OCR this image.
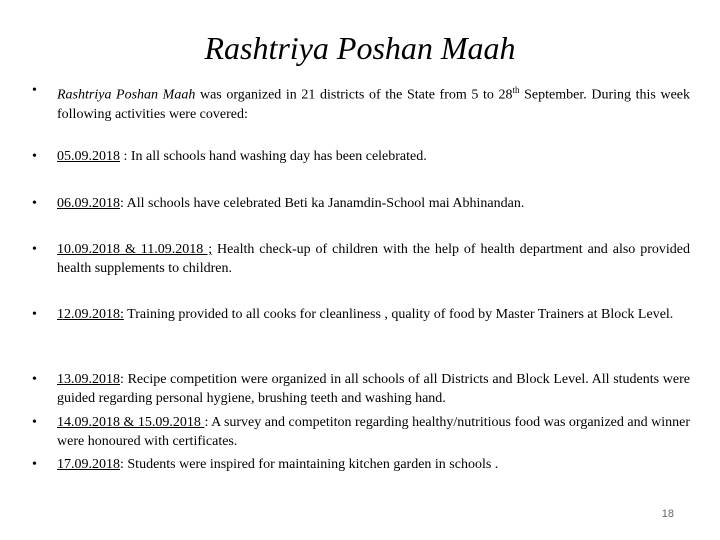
Rashtriya Poshan Maah
•	Rashtriya Poshan Maah was organized in 21 districts of the State from 5 to 28th September. During this week following activities were covered:
•	05.09.2018 : In all schools hand washing day has been celebrated.
•	06.09.2018: All schools have celebrated Beti ka Janamdin-School mai Abhinandan.
•	10.09.2018 & 11.09.2018 ; Health check-up of children with the help of health department and also provided health supplements to children.
•	12.09.2018: Training provided to all cooks for cleanliness , quality of food by Master Trainers at Block Level.
•	13.09.2018: Recipe competition were organized in all schools of all Districts and Block Level. All students were guided regarding personal hygiene, brushing teeth and washing hand.
•	14.09.2018 & 15.09.2018 : A survey and competiton regarding healthy/nutritious food was organized and winner were honoured with certificates.
•	17.09.2018: Students were inspired for maintaining kitchen garden in schools .
18
